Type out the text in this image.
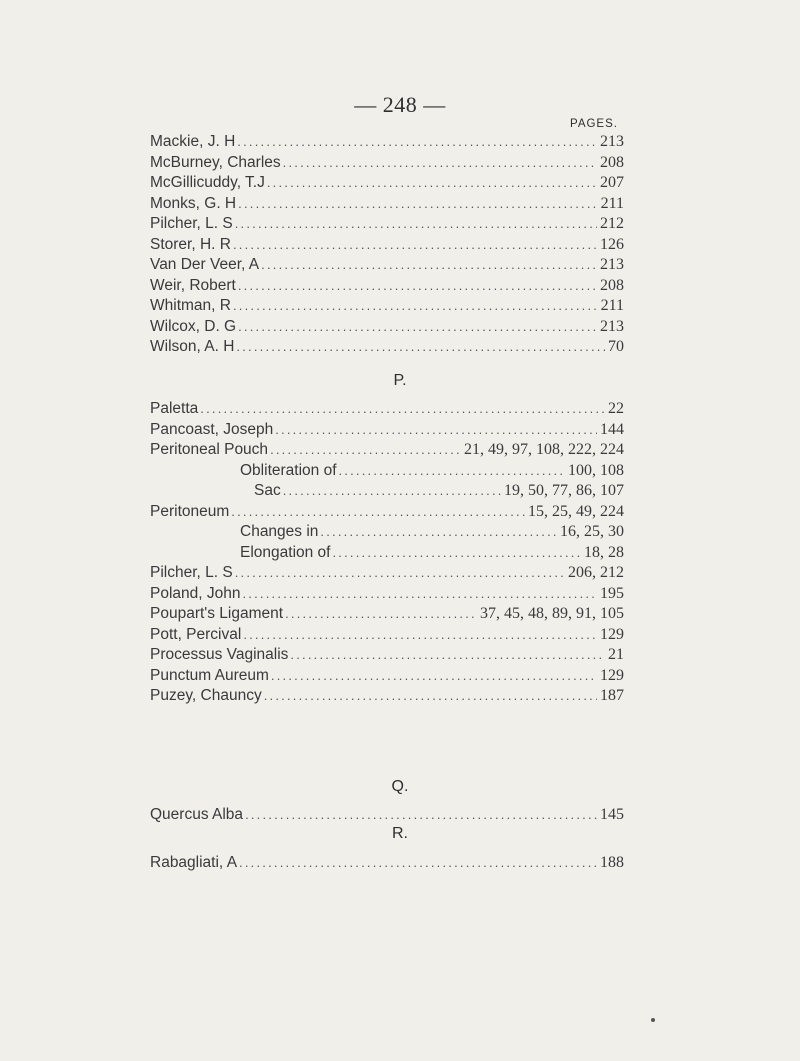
— 248 —
PAGES.
Mackie, J. H .....	213
McBurney, Charles .....	208
McGillicuddy, T.J .....	207
Monks, G. H .....	211
Pilcher, L. S .....	212
Storer, H. R .....	126
Van Der Veer, A .....	213
Weir, Robert .....	208
Whitman, R .....	211
Wilcox, D. G .....	213
Wilson, A. H .....	70
P.
Paletta .....	22
Pancoast, Joseph .....	144
Peritoneal Pouch .....	21, 49, 97, 108, 222, 224
Obliteration of .....	100, 108
Sac .....	19, 50, 77, 86, 107
Peritoneum .....	15, 25, 49, 224
Changes in .....	16, 25, 30
Elongation of .....	18, 28
Pilcher, L. S .....	206, 212
Poland, John .....	195
Poupart's Ligament .....	37, 45, 48, 89, 91, 105
Pott, Percival .....	129
Processus Vaginalis .....	21
Punctum Aureum .....	129
Puzey, Chauncy .....	187
Q.
Quercus Alba .....	145
R.
Rabagliati, A .....	188
